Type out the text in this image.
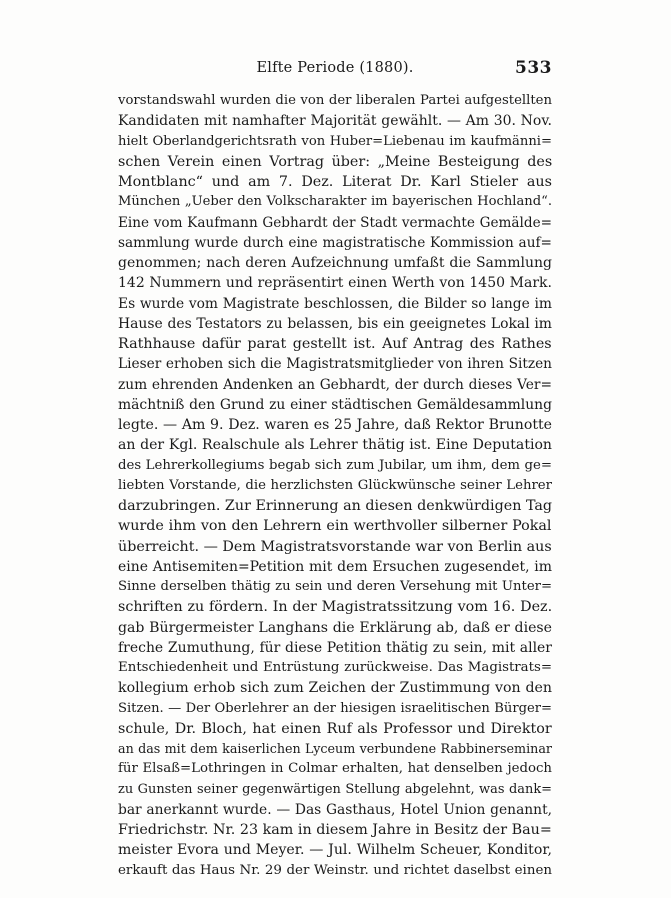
Elfte Periode (1880).	533
vorstandswahl wurden die von der liberalen Partei aufgestellten
Kandidaten mit namhafter Majorität gewählt. — Am 30. Nov.
hielt Oberlandgerichtsrath von Huber=Liebenau im kaufmänni=
schen Verein einen Vortrag über: „Meine Besteigung des
Montblanc“ und am 7. Dez. Literat Dr. Karl Stieler aus
München „Ueber den Volkscharakter im bayerischen Hochland“.
Eine vom Kaufmann Gebhardt der Stadt vermachte Gemälde=
sammlung wurde durch eine magistratische Kommission auf=
genommen; nach deren Aufzeichnung umfaßt die Sammlung
142 Nummern und repräsentirt einen Werth von 1450 Mark.
Es wurde vom Magistrate beschlossen, die Bilder so lange im
Hause des Testators zu belassen, bis ein geeignetes Lokal im
Rathhause dafür parat gestellt ist. Auf Antrag des Rathes
Lieser erhoben sich die Magistratsmitglieder von ihren Sitzen
zum ehrenden Andenken an Gebhardt, der durch dieses Ver=
mächtniß den Grund zu einer städtischen Gemäldesammlung
legte. — Am 9. Dez. waren es 25 Jahre, daß Rektor Brunotte
an der Kgl. Realschule als Lehrer thätig ist. Eine Deputation
des Lehrerkollegiums begab sich zum Jubilar, um ihm, dem ge=
liebten Vorstande, die herzlichsten Glückwünsche seiner Lehrer
darzubringen. Zur Erinnerung an diesen denkwürdigen Tag
wurde ihm von den Lehrern ein werthvoller silberner Pokal
überreicht. — Dem Magistratsvorstande war von Berlin aus
eine Antisemiten=Petition mit dem Ersuchen zugesendet, im
Sinne derselben thätig zu sein und deren Versehung mit Unter=
schriften zu fördern. In der Magistratssitzung vom 16. Dez.
gab Bürgermeister Langhans die Erklärung ab, daß er diese
freche Zumuthung, für diese Petition thätig zu sein, mit aller
Entschiedenheit und Entrüstung zurückweise. Das Magistrats=
kollegium erhob sich zum Zeichen der Zustimmung von den
Sitzen. — Der Oberlehrer an der hiesigen israelitischen Bürger=
schule, Dr. Bloch, hat einen Ruf als Professor und Direktor
an das mit dem kaiserlichen Lyceum verbundene Rabbinerseminar
für Elsaß=Lothringen in Colmar erhalten, hat denselben jedoch
zu Gunsten seiner gegenwärtigen Stellung abgelehnt, was dank=
bar anerkannt wurde. — Das Gasthaus, Hotel Union genannt,
Friedrichstr. Nr. 23 kam in diesem Jahre in Besitz der Bau=
meister Evora und Meyer. — Jul. Wilhelm Scheuer, Konditor,
erkauft das Haus Nr. 29 der Weinstr. und richtet daselbst einen
